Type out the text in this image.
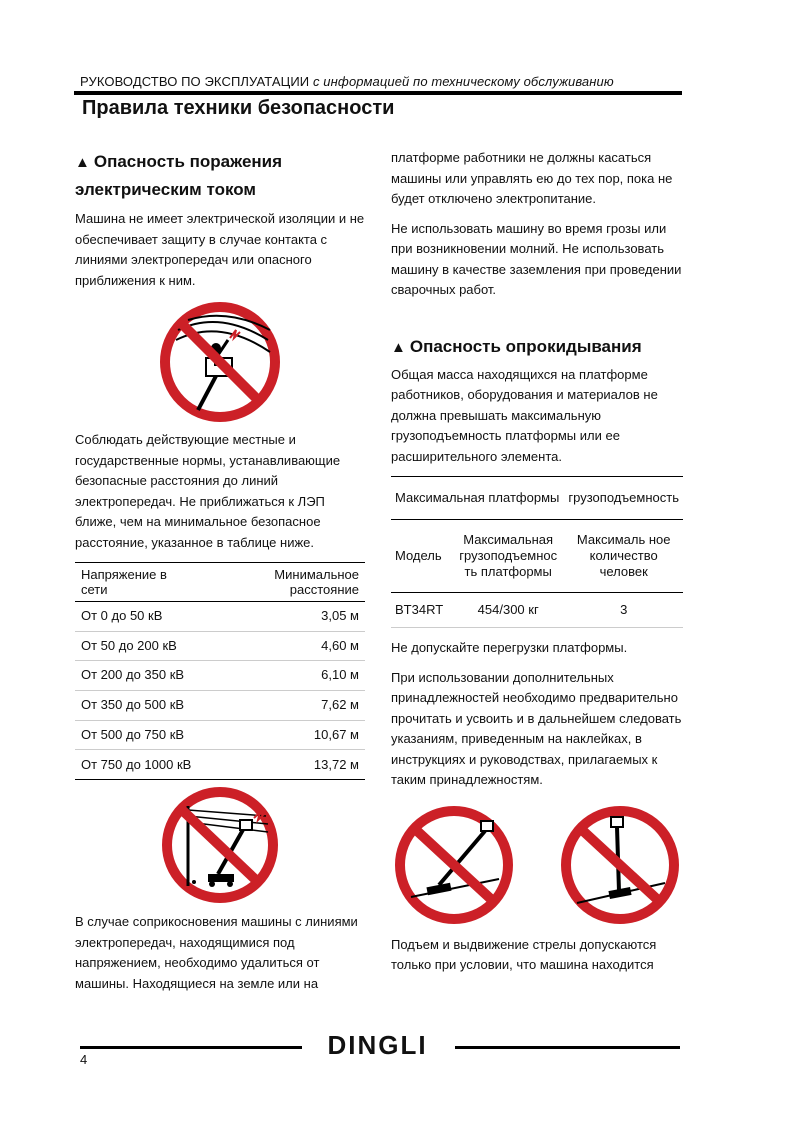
РУКОВОДСТВО ПО ЭКСПЛУАТАЦИИ с информацией по техническому обслуживанию
Правила техники безопасности
▲ Опасность поражения электрическим током

Машина не имеет электрической изоляции и не обеспечивает защиту в случае контакта с линиями электропередач или опасного приближения к ним.

Соблюдать действующие местные и государственные нормы, устанавливающие безопасные расстояния до линий электропередач. Не приближаться к ЛЭП ближе, чем на минимальное безопасное расстояние, указанное в таблице ниже.

Напряжение в сети	Минимальное расстояние
От 0 до 50 кВ	3,05 м
От 50 до 200 кВ	4,60 м
От 200 до 350 кВ	6,10 м
От 350 до 500 кВ	7,62 м
От 500 до 750 кВ	10,67 м
От 750 до 1000 кВ	13,72 м

В случае соприкосновения машины с линиями электропередач, находящимися под напряжением, необходимо удалиться от машины. Находящиеся на земле или на

платформе работники не должны касаться машины или управлять ею до тех пор, пока не будет отключено электропитание.

Не использовать машину во время грозы или при возникновении молний. Не использовать машину в качестве заземления при проведении сварочных работ.

▲ Опасность опрокидывания

Общая масса находящихся на платформе работников, оборудования и материалов не должна превышать максимальную грузоподъемность платформы или ее расширительного элемента.

Максимальная платформы		грузоподъемность
Модель	Максимальная грузоподъемнос ть платформы	Максималь ное количество человек
BT34RT	454/300 кг	3

Не допускайте перегрузки платформы.

При использовании дополнительных принадлежностей необходимо предварительно прочитать и усвоить и в дальнейшем следовать указаниям, приведенным на наклейках, в инструкциях и руководствах, прилагаемых к таким принадлежностям.

Подъем и выдвижение стрелы допускаются только при условии, что машина находится

DINGLI
4
